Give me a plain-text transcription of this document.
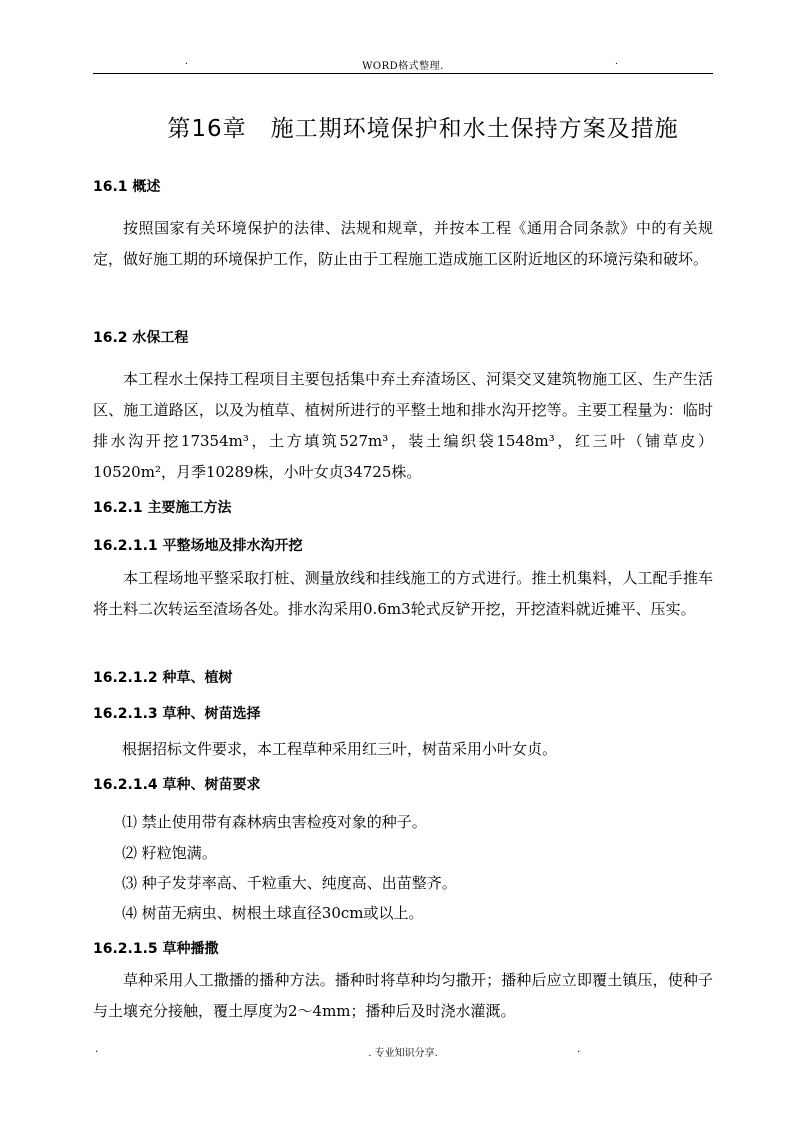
.	WORD格式整理.	.
第16章　施工期环境保护和水土保持方案及措施
16.1 概述
按照国家有关环境保护的法律、法规和规章，并按本工程《通用合同条款》中的有关规定，做好施工期的环境保护工作，防止由于工程施工造成施工区附近地区的环境污染和破坏。
16.2 水保工程
本工程水土保持工程项目主要包括集中弃土弃渣场区、河渠交叉建筑物施工区、生产生活区、施工道路区，以及为植草、植树所进行的平整土地和排水沟开挖等。主要工程量为：临时排水沟开挖17354m³，土方填筑527m³，装土编织袋1548m³，红三叶（铺草皮）10520m²，月季10289株，小叶女贞34725株。
16.2.1 主要施工方法
16.2.1.1 平整场地及排水沟开挖
本工程场地平整采取打桩、测量放线和挂线施工的方式进行。推土机集料，人工配手推车将土料二次转运至渣场各处。排水沟采用0.6m3轮式反铲开挖，开挖渣料就近摊平、压实。
16.2.1.2 种草、植树
16.2.1.3 草种、树苗选择
根据招标文件要求，本工程草种采用红三叶，树苗采用小叶女贞。
16.2.1.4 草种、树苗要求
⑴ 禁止使用带有森林病虫害检疫对象的种子。
⑵ 籽粒饱满。
⑶ 种子发芽率高、千粒重大、纯度高、出苗整齐。
⑷ 树苗无病虫、树根土球直径30cm或以上。
16.2.1.5 草种播撒
草种采用人工撒播的播种方法。播种时将草种均匀撒开；播种后应立即覆土镇压，使种子与土壤充分接触，覆土厚度为2～4mm；播种后及时浇水灌溉。
.	. 专业知识分享.	.
